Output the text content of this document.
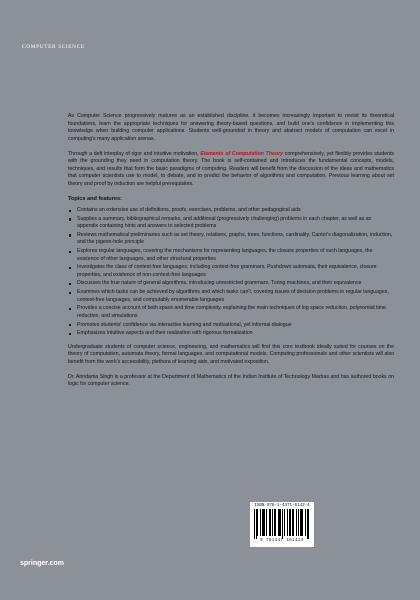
COMPUTER SCIENCE

As Computer Science progressively matures as an established discipline, it becomes increasingly important to revisit its theoretical foundations, learn the appropriate techniques for answering theory-based questions, and build one's confidence in implementing this knowledge when building computer applications. Students well-grounded in theory and abstract models of computation can excel in computing's many application arenas.

Through a deft interplay of rigor and intuitive motivation, Elements of Computation Theory comprehensively, yet flexibly provides students with the grounding they need in computation theory. The book is self-contained and introduces the fundamental concepts, models, techniques, and results that form the basic paradigms of computing. Readers will benefit from the discussion of the ideas and mathematics that computer scientists use to model, to debate, and to predict the behavior of algorithms and computation. Previous learning about set theory and proof by induction are helpful prerequisites.

Topics and features:
Contains an extensive use of definitions, proofs, exercises, problems, and other pedagogical aids
Supplies a summary, bibliographical remarks, and additional (progressively challenging) problems in each chapter, as well as an appendix containing hints and answers to selected problems
Reviews mathematical preliminaries such as set theory, relations, graphs, trees, functions, cardinality, Cantor's diagonalization, induction, and the pigeon-hole principle
Explores regular languages, covering the mechanisms for representing languages, the closure properties of such languages, the existence of other languages, and other structural properties
Investigates the class of context-free languages, including context-free grammars, Pushdown automata, their equivalence, closure properties, and existence of non-context-free languages
Discusses the true nature of general algorithms, introducing unrestricted grammars, Turing machines, and their equivalence
Examines which tasks can be achieved by algorithms and which tasks can't, covering issues of decision problems in regular languages, context-free languages, and computably enumerable languages
Provides a concise account of both space and time complexity, explaining the main techniques of log space reduction, polynomial time reduction, and simulations
Promotes students' confidence via interactive learning and motivational, yet informal dialogue
Emphasizes intuitive aspects and their realization with rigorous formalization

Undergraduate students of computer science, engineering, and mathematics will find this core textbook ideally suited for courses on the theory of computation, automata theory, formal languages, and computational models. Computing professionals and other scientists will also benefit from the work's accessibility, plethora of learning aids, and motivated exposition.

Dr. Arindama Singh is a professor at the Department of Mathematics of the Indian Institute of Technology Madras and has authored books on logic for computer science.

ISBN 978-1-4471-6142-4
9 781447 161424
springer.com
